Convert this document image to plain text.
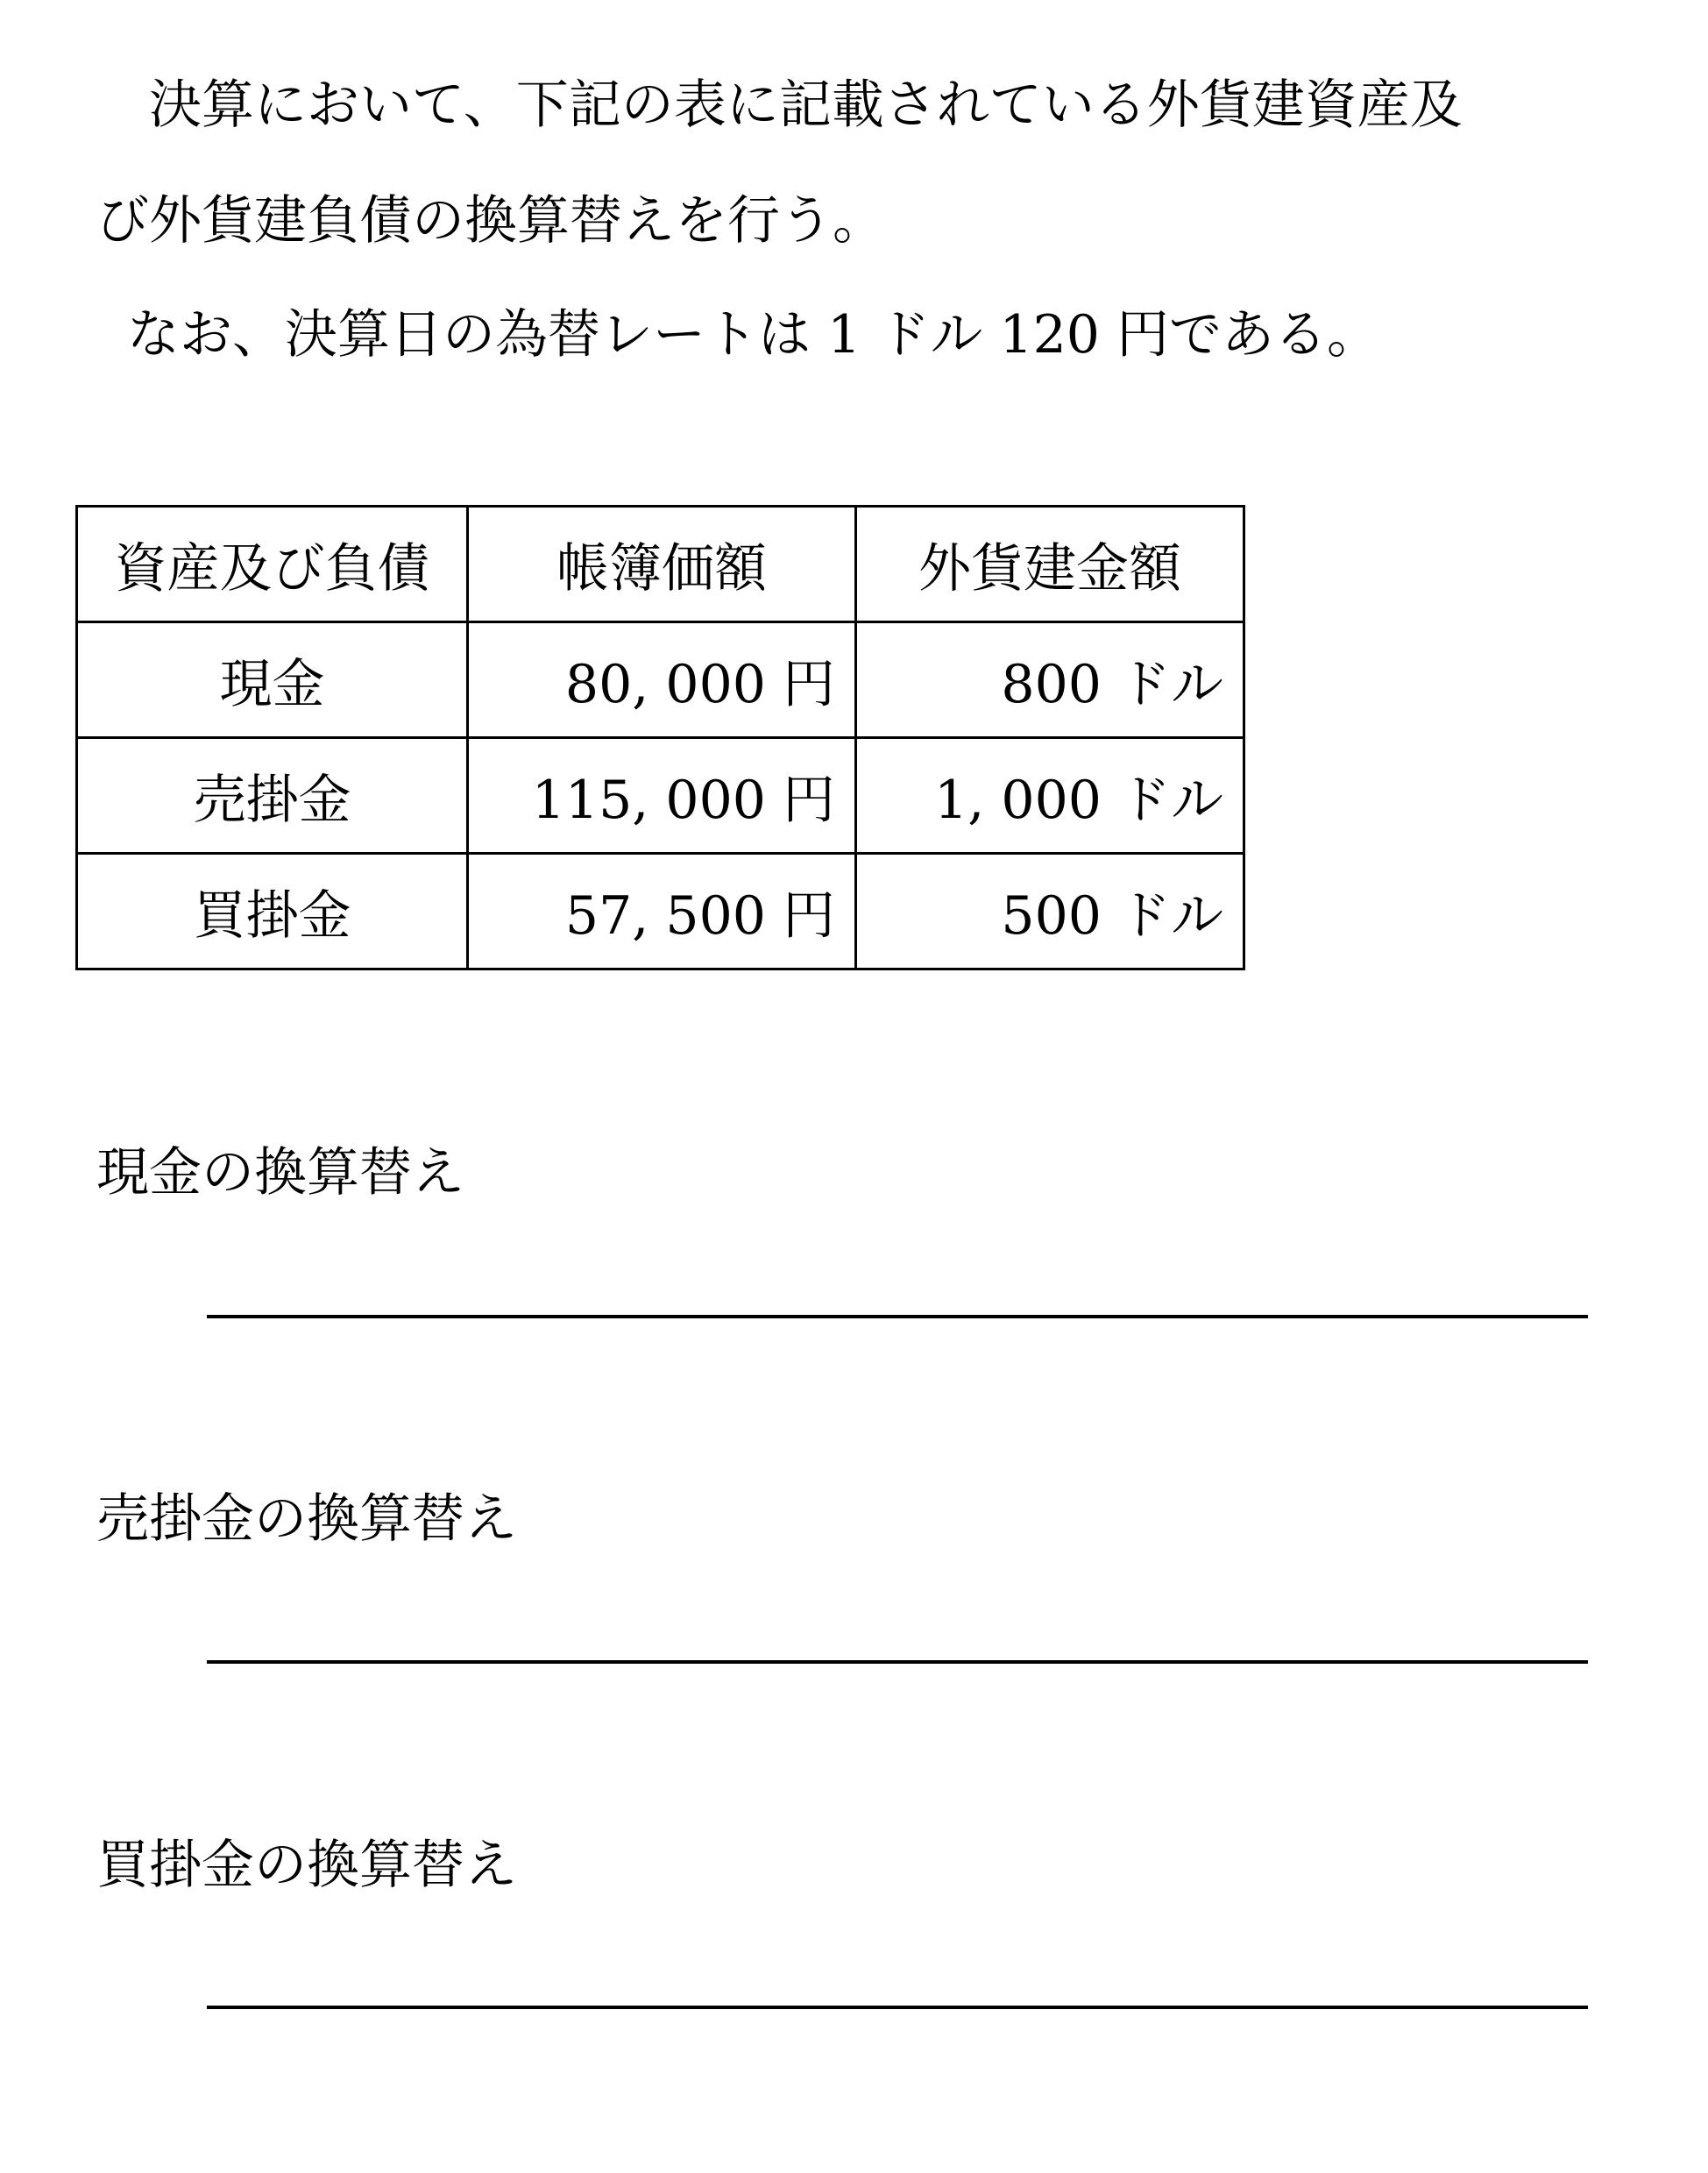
決算において、下記の表に記載されている外貨建資産及
び外貨建負債の換算替えを行う。
なお、決算日の為替レートは 1 ドル 120 円である。
資産及び負債	帳簿価額	外貨建金額
現金	80, 000 円	800 ドル
売掛金	115, 000 円	1, 000 ドル
買掛金	57, 500 円	500 ドル
現金の換算替え
売掛金の換算替え
買掛金の換算替え
